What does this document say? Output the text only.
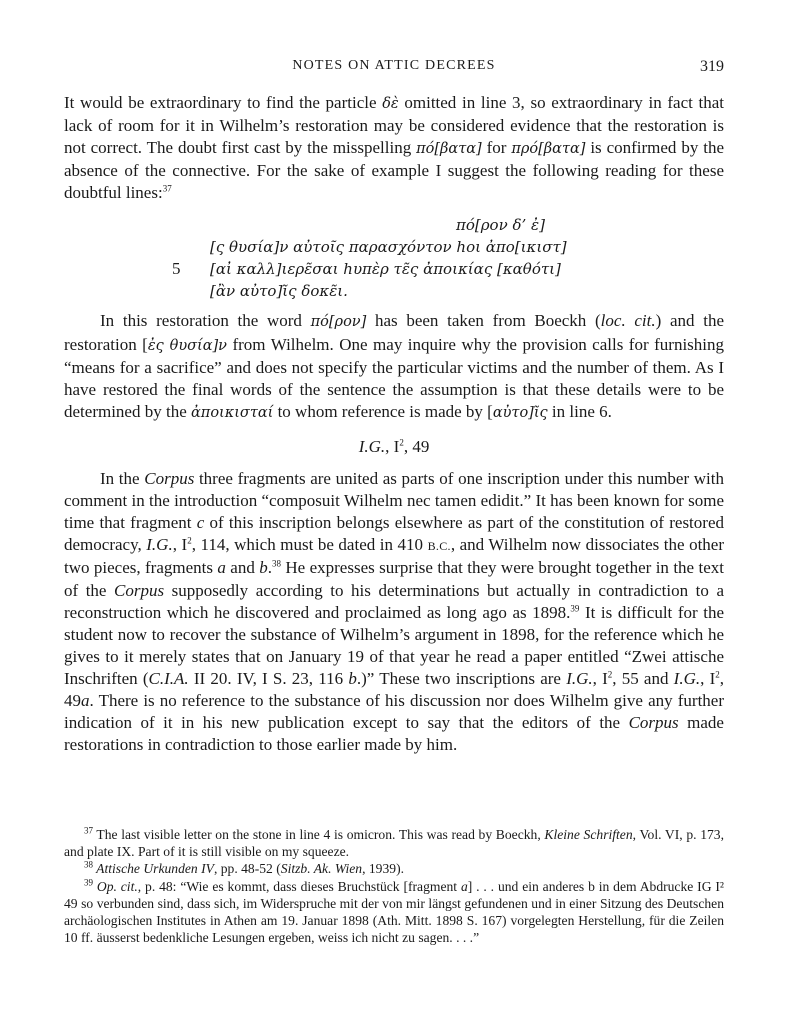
NOTES ON ATTIC DECREES	319

It would be extraordinary to find the particle δὲ omitted in line 3, so extraordinary in fact that lack of room for it in Wilhelm’s restoration may be considered evidence that the restoration is not correct. The doubt first cast by the misspelling πό[βατα] for πρό[βατα] is confirmed by the absence of the connective. For the sake of example I suggest the following reading for these doubtful lines:$^{37}$

πό[ρον δ’ ἐ]
[ς θυσία]ν αὐτοῖς παρασχόντον hοι ἀπο[ικιστ]
5 [αἰ καλλ]ιερε̃σαι hυπὲρ τε̃ς ἀποικίας [καθότι]
[ἂν αὐτο]ι̃ς δοκε̃ι.

In this restoration the word πό[ρον] has been taken from Boeckh (loc. cit.) and the restoration [ἐς θυσία]ν from Wilhelm. One may inquire why the provision calls for furnishing “means for a sacrifice” and does not specify the particular victims and the number of them. As I have restored the final words of the sentence the assumption is that these details were to be determined by the ἀποικισταί to whom reference is made by [αὐτο]ι̃ς in line 6.

I.G., $I^2$, 49

In the Corpus three fragments are united as parts of one inscription under this number with comment in the introduction “composuit Wilhelm nec tamen edidit.” It has been known for some time that fragment c of this inscription belongs elsewhere as part of the constitution of restored democracy, I.G., $I^2$, 114, which must be dated in 410 B.C., and Wilhelm now dissociates the other two pieces, fragments a and b.$^{38}$ He expresses surprise that they were brought together in the text of the Corpus supposedly according to his determinations but actually in contradiction to a reconstruction which he discovered and proclaimed as long ago as 1898.39 It is difficult for the student now to recover the substance of Wilhelm’s argument in 1898, for the reference which he gives to it merely states that on January 19 of that year he read a paper entitled “Zwei attische Inschriften (C.I.A. II 20. IV, I S. 23, 116 b.)” These two inscriptions are I.G., $I^2$, 55 and I.G., $I^2$, 49a. There is no reference to the substance of his discussion nor does Wilhelm give any further indication of it in his new publication except to say that the editors of the Corpus made restorations in contradiction to those earlier made by him.

$^{37}$ The last visible letter on the stone in line 4 is omicron. This was read by Boeckh, Kleine Schriften, Vol. VI, p. 173, and plate IX. Part of it is still visible on my squeeze.

$^{38}$ Attische Urkunden IV, pp. 48-52 (Sitzb. Ak. Wien, 1939).

$^{39}$ Op. cit., p. 48: “Wie es kommt, dass dieses Bruchstück [fragment a] . . . und ein anderes b in dem Abdrucke IG I² 49 so verbunden sind, dass sich, im Widerspruche mit der von mir längst gefundenen und in einer Sitzung des Deutschen archäologischen Institutes in Athen am 19. Januar 1898 (Ath. Mitt. 1898 S. 167) vorgelegten Herstellung, für die Zeilen 10 ff. äusserst bedenkliche Lesungen ergeben, weiss ich nicht zu sagen. . . .”
